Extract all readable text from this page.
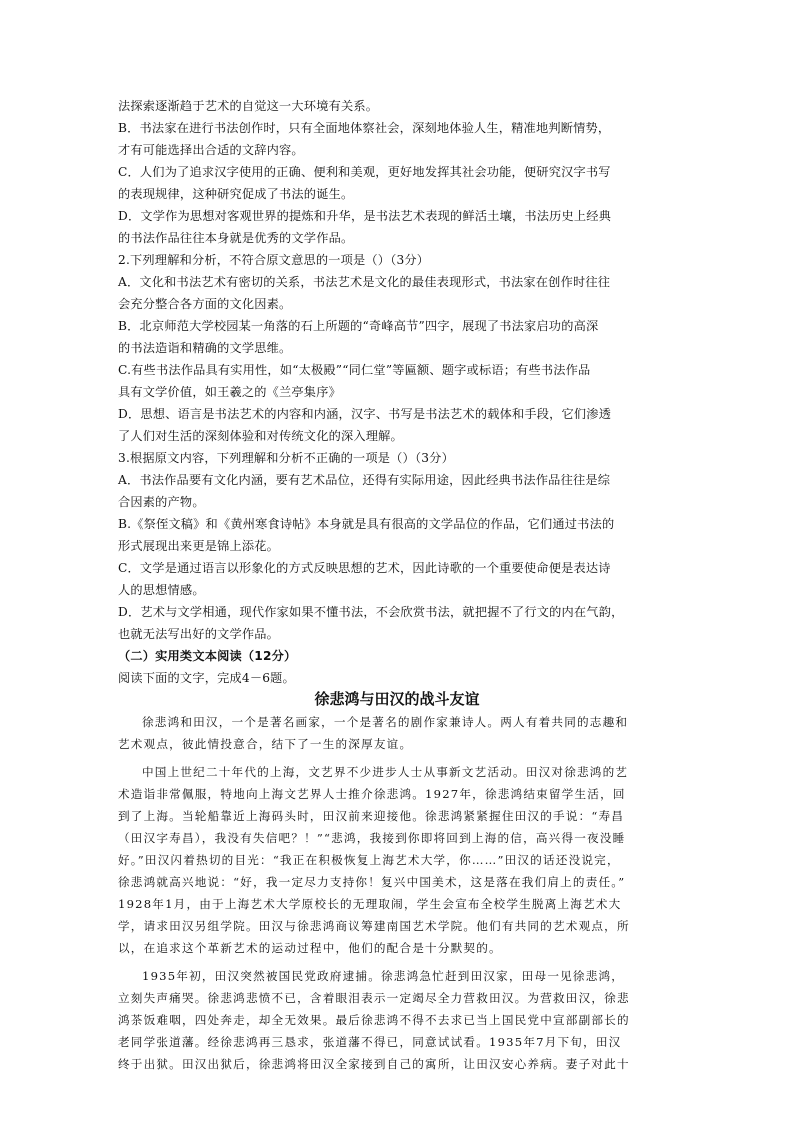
法探索逐渐趋于艺术的自觉这一大环境有关系。
B．书法家在进行书法创作时，只有全面地体察社会，深刻地体验人生，精准地判断情势，
才有可能选择出合适的文辞内容。
C．人们为了追求汉字使用的正确、便利和美观，更好地发挥其社会功能，便研究汉字书写
的表现规律，这种研究促成了书法的诞生。
D．文学作为思想对客观世界的提炼和升华，是书法艺术表现的鲜活土壤，书法历史上经典
的书法作品往往本身就是优秀的文学作品。
2.下列理解和分析，不符合原文意思的一项是（）（3分）
A．文化和书法艺术有密切的关系，书法艺术是文化的最佳表现形式，书法家在创作时往往
会充分整合各方面的文化因素。
B．北京师范大学校园某一角落的石上所题的“奇峰高节”四字，展现了书法家启功的高深
的书法造诣和精确的文学思维。
C.有些书法作品具有实用性，如“太极殿”“同仁堂”等匾额、题字或标语；有些书法作品
具有文学价值，如王羲之的《兰亭集序》
D．思想、语言是书法艺术的内容和内涵，汉字、书写是书法艺术的载体和手段，它们渗透
了人们对生活的深刻体验和对传统文化的深入理解。
3.根据原文内容，下列理解和分析不正确的一项是（）（3分）
A．书法作品要有文化内涵，要有艺术品位，还得有实际用途，因此经典书法作品往往是综
合因素的产物。
B.《祭侄文稿》和《黄州寒食诗帖》本身就是具有很高的文学品位的作品，它们通过书法的
形式展现出来更是锦上添花。
C．文学是通过语言以形象化的方式反映思想的艺术，因此诗歌的一个重要使命便是表达诗
人的思想情感。
D．艺术与文学相通，现代作家如果不懂书法，不会欣赏书法，就把握不了行文的内在气韵，
也就无法写出好的文学作品。
（二）实用类文本阅读（12分）
阅读下面的文字，完成4－6题。
徐悲鸿与田汉的战斗友谊
徐悲鸿和田汉，一个是著名画家，一个是著名的剧作家兼诗人。两人有着共同的志趣和
艺术观点，彼此情投意合，结下了一生的深厚友谊。
中国上世纪二十年代的上海，文艺界不少进步人士从事新文艺活动。田汉对徐悲鸿的艺
术造诣非常佩服，特地向上海文艺界人士推介徐悲鸿。1927年，徐悲鸿结束留学生活，回
到了上海。当轮船靠近上海码头时，田汉前来迎接他。徐悲鸿紧紧握住田汉的手说：“寿昌
（田汉字寿昌），我没有失信吧？！”“悲鸿，我接到你即将回到上海的信，高兴得一夜没睡
好。”田汉闪着热切的目光：“我正在积极恢复上海艺术大学，你……”田汉的话还没说完，
徐悲鸿就高兴地说：“好，我一定尽力支持你！复兴中国美术，这是落在我们肩上的责任。”
1928年1月，由于上海艺术大学原校长的无理取闹，学生会宣布全校学生脱离上海艺术大
学，请求田汉另组学院。田汉与徐悲鸿商议筹建南国艺术学院。他们有共同的艺术观点，所
以，在追求这个革新艺术的运动过程中，他们的配合是十分默契的。
1935年初，田汉突然被国民党政府逮捕。徐悲鸿急忙赶到田汉家，田母一见徐悲鸿，
立刻失声痛哭。徐悲鸿悲愤不已，含着眼泪表示一定竭尽全力营救田汉。为营救田汉，徐悲
鸿茶饭难咽，四处奔走，却全无效果。最后徐悲鸿不得不去求已当上国民党中宣部副部长的
老同学张道藩。经徐悲鸿再三恳求，张道藩不得已，同意试试看。1935年7月下旬，田汉
终于出狱。田汉出狱后，徐悲鸿将田汉全家接到自己的寓所，让田汉安心养病。妻子对此十
